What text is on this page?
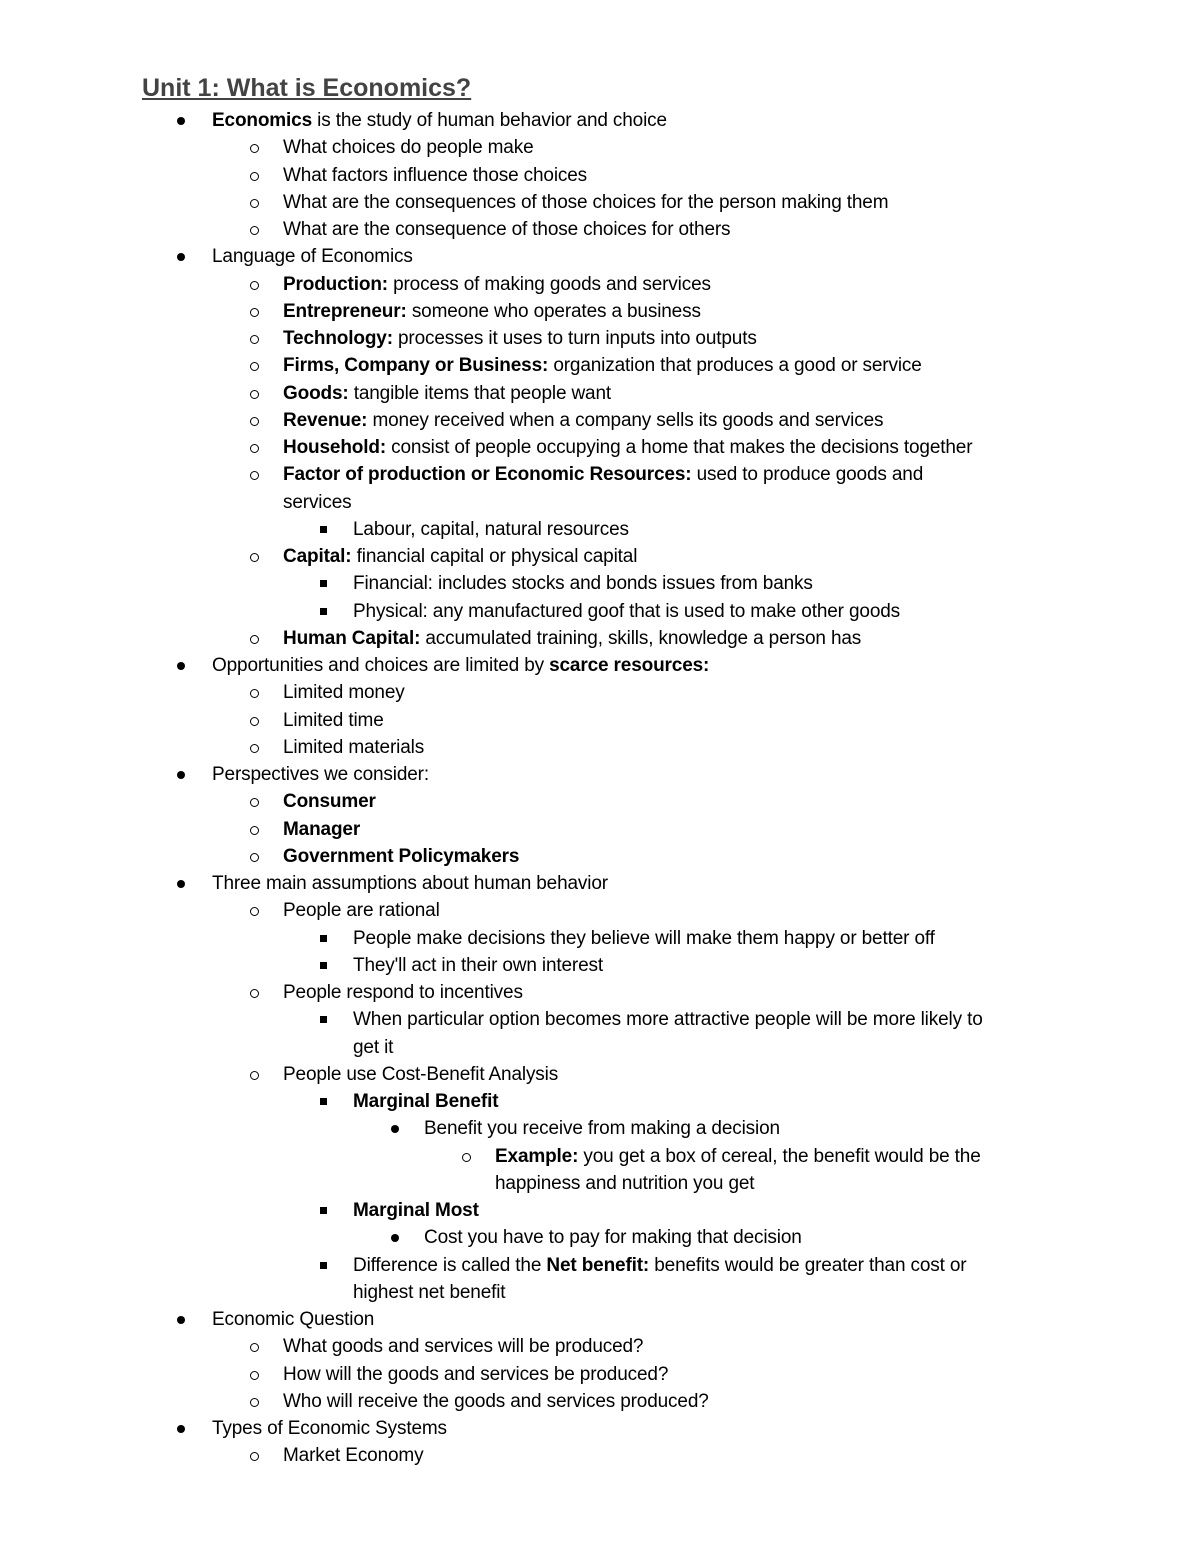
Unit 1: What is Economics?
Economics is the study of human behavior and choice
What choices do people make
What factors influence those choices
What are the consequences of those choices for the person making them
What are the consequence of those choices for others
Language of Economics
Production: process of making goods and services
Entrepreneur: someone who operates a business
Technology: processes it uses to turn inputs into outputs
Firms, Company or Business: organization that produces a good or service
Goods: tangible items that people want
Revenue: money received when a company sells its goods and services
Household: consist of people occupying a home that makes the decisions together
Factor of production or Economic Resources: used to produce goods and
services
Labour, capital, natural resources
Capital: financial capital or physical capital
Financial: includes stocks and bonds issues from banks
Physical: any manufactured goof that is used to make other goods
Human Capital: accumulated training, skills, knowledge a person has
Opportunities and choices are limited by scarce resources:
Limited money
Limited time
Limited materials
Perspectives we consider:
Consumer
Manager
Government Policymakers
Three main assumptions about human behavior
People are rational
People make decisions they believe will make them happy or better off
They'll act in their own interest
People respond to incentives
When particular option becomes more attractive people will be more likely to
get it
People use Cost-Benefit Analysis
Marginal Benefit
Benefit you receive from making a decision
Example: you get a box of cereal, the benefit would be the
happiness and nutrition you get
Marginal Most
Cost you have to pay for making that decision
Difference is called the Net benefit: benefits would be greater than cost or
highest net benefit
Economic Question
What goods and services will be produced?
How will the goods and services be produced?
Who will receive the goods and services produced?
Types of Economic Systems
Market Economy
